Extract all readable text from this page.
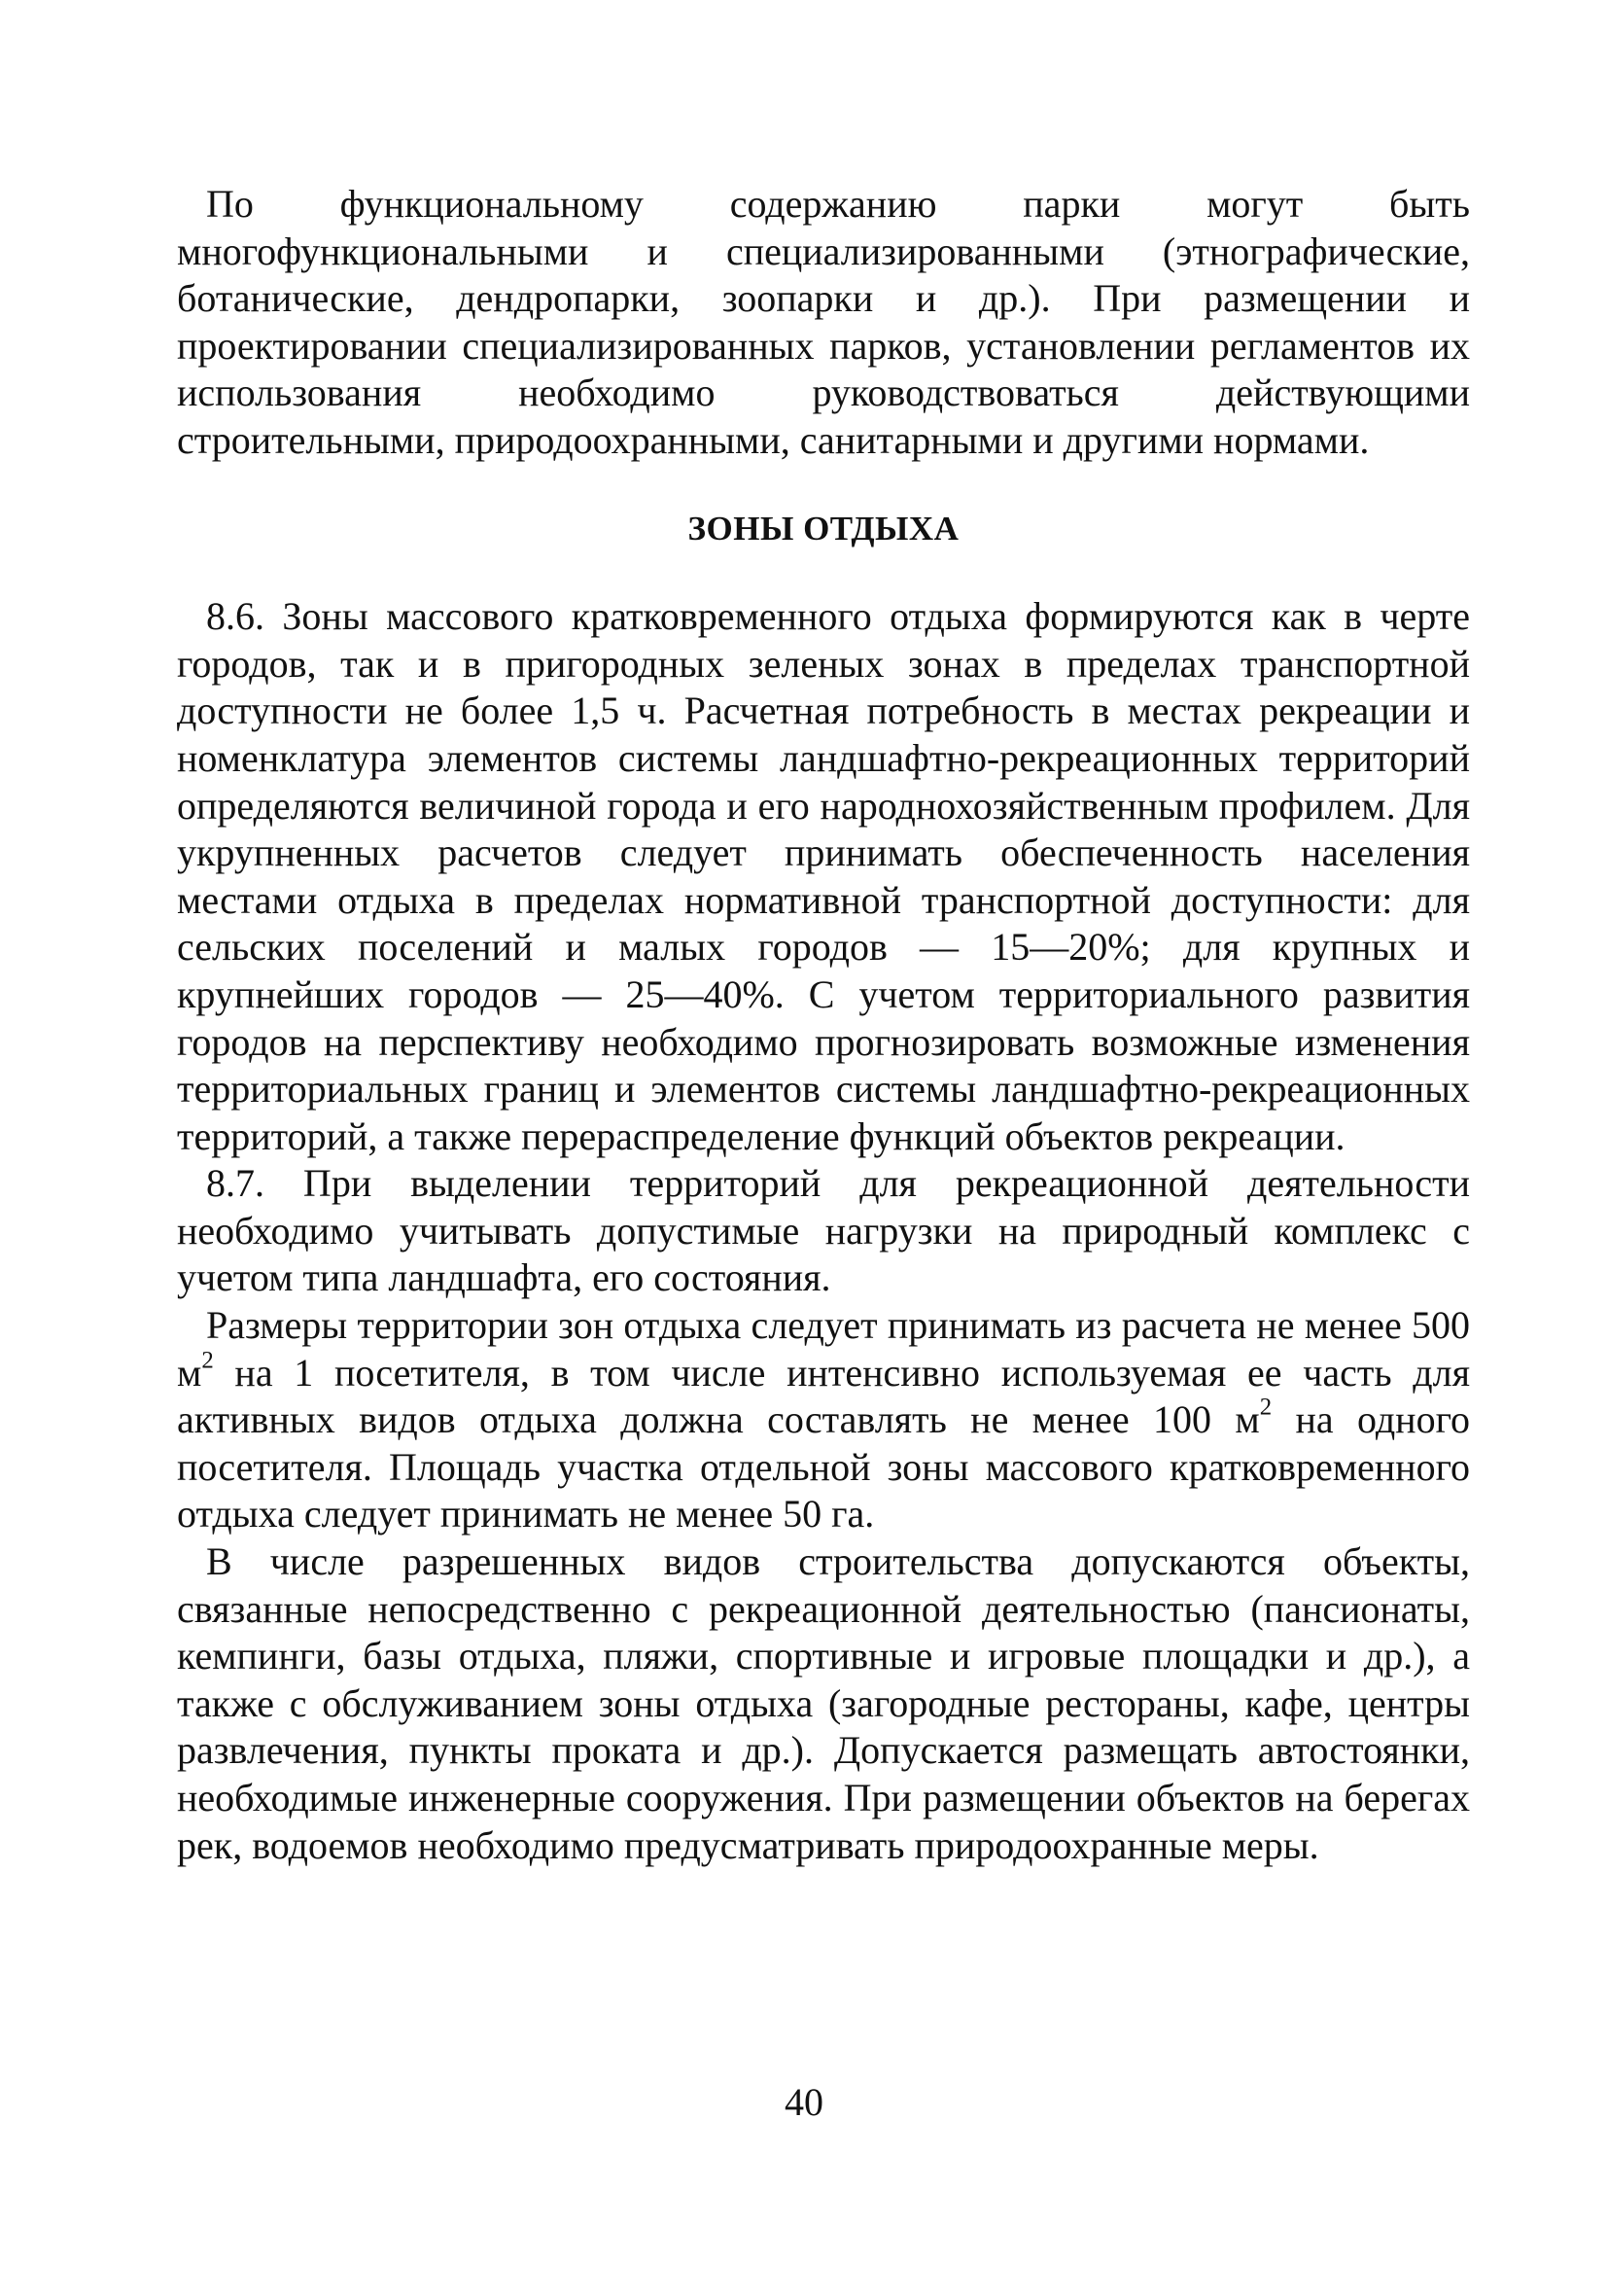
По функциональному содержанию парки могут быть многофункциональными и специализированными (этнографические, ботанические, дендропарки, зоопарки и др.). При размещении и проектировании специализированных парков, установлении регламентов их использования необходимо руководствоваться действующими строительными, природоохранными, санитарными и другими нормами.

ЗОНЫ ОТДЫХА

8.6. Зоны массового кратковременного отдыха формируются как в черте городов, так и в пригородных зеленых зонах в пределах транспортной доступности не более 1,5 ч. Расчетная потребность в местах рекреации и номенклатура элементов системы ландшафтно-рекреационных территорий определяются величиной города и его народнохозяйственным профилем. Для укрупненных расчетов следует принимать обеспеченность населения местами отдыха в пределах нормативной транспортной доступности: для сельских поселений и малых городов — 15—20%; для крупных и крупнейших городов — 25—40%. С учетом территориального развития городов на перспективу необходимо прогнозировать возможные изменения территориальных границ и элементов системы ландшафтно-рекреационных территорий, а также перераспределение функций объектов рекреации.

8.7. При выделении территорий для рекреационной деятельности необходимо учитывать допустимые нагрузки на природный комплекс с учетом типа ландшафта, его состояния.

Размеры территории зон отдыха следует принимать из расчета не менее 500 $м^2$ на 1 посетителя, в том числе интенсивно используемая ее часть для активных видов отдыха должна составлять не менее 100 $м^2$ на одного посетителя. Площадь участка отдельной зоны массового кратковременного отдыха следует принимать не менее 50 га.

В числе разрешенных видов строительства допускаются объекты, связанные непосредственно с рекреационной деятельностью (пансионаты, кемпинги, базы отдыха, пляжи, спортивные и игровые площадки и др.), а также с обслуживанием зоны отдыха (загородные рестораны, кафе, центры развлечения, пункты проката и др.). Допускается размещать автостоянки, необходимые инженерные сооружения. При размещении объектов на берегах рек, водоемов необходимо предусматривать природоохранные меры.

40
